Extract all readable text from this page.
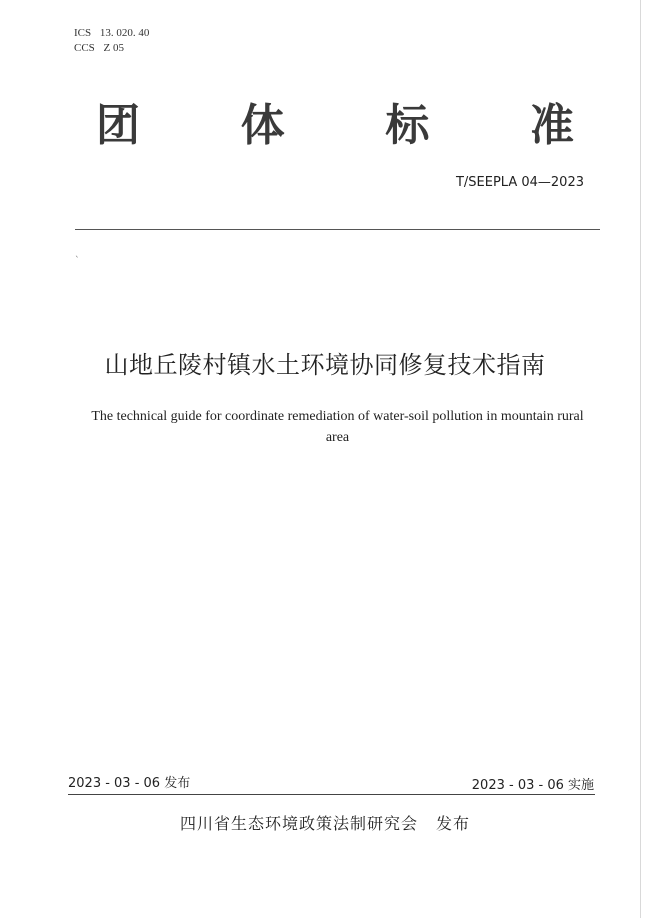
ICS 13. 020. 40
CCS Z 05
团 体 标 准
T/SEEPLA 04—2023
`
山地丘陵村镇水土环境协同修复技术指南
The technical guide for coordinate remediation of water-soil pollution in mountain rural area
2023 - 03 - 06 发布	2023 - 03 - 06 实施
四川省生态环境政策法制研究会 发布
